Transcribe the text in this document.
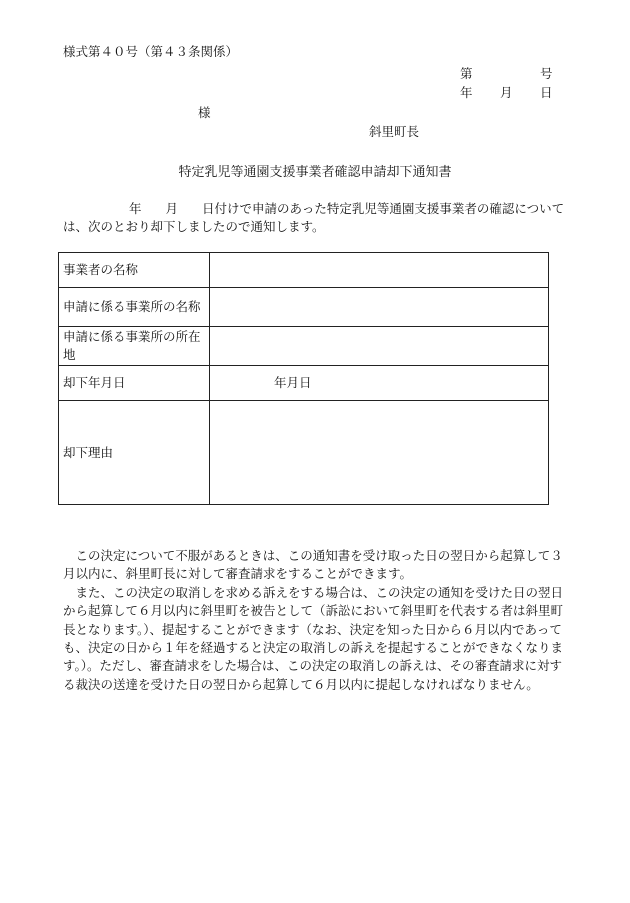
様式第４０号（第４３条関係）
第	号
年 月 日
様
斜里町長
特定乳児等通園支援事業者確認申請却下通知書
年 月 日付けで申請のあった特定乳児等通園支援事業者の確認については、次のとおり却下しましたので通知します。
事業者の名称	
申請に係る事業所の名称	
申請に係る事業所の所在地	
却下年月日	年月日
却下理由	

この決定について不服があるときは、この通知書を受け取った日の翌日から起算して３月以内に、斜里町長に対して審査請求をすることができます。

また、この決定の取消しを求める訴えをする場合は、この決定の通知を受けた日の翌日から起算して６月以内に斜里町を被告として（訴訟において斜里町を代表する者は斜里町長となります。）、提起することができます（なお、決定を知った日から６月以内であっても、決定の日から１年を経過すると決定の取消しの訴えを提起することができなくなります。）。ただし、審査請求をした場合は、この決定の取消しの訴えは、その審査請求に対する裁決の送達を受けた日の翌日から起算して６月以内に提起しなければなりません。
